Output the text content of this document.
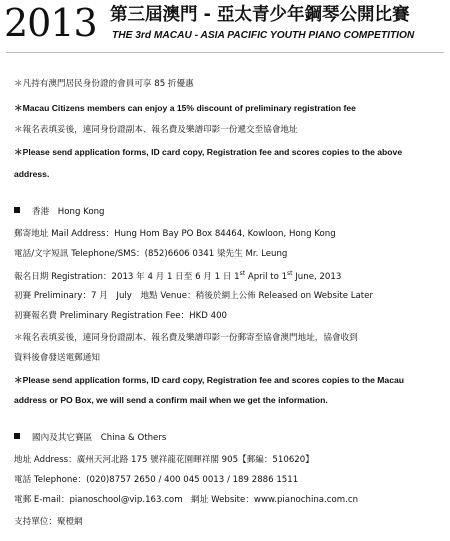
2013 第三屆澳門 - 亞太青少年鋼琴公開比賽
THE 3rd MACAU - ASIA PACIFIC YOUTH PIANO COMPETITION
＊凡持有澳門居民身份證的會員可享 85 折優惠
＊Macau Citizens members can enjoy a 15% discount of preliminary registration fee
＊報名表填妥後，連同身份證副本、報名費及樂譜印影一份遞交至協會地址
＊Please send application forms, ID card copy, Registration fee and scores copies to the above
address.
香港　Hong Kong
郵寄地址 Mail Address：Hung Hom Bay PO Box 84464, Kowloon, Hong Kong
電話/文字短訊 Telephone/SMS：(852)6606 0341 梁先生 Mr. Leung
報名日期 Registration：2013 年 4 月 1 日至 6 月 1 日 1st April to 1st June, 2013
初賽 Preliminary：7 月　July　地點 Venue：稍後於網上公佈 Released on Website Later
初賽報名費 Preliminary Registration Fee：HKD 400
＊報名表填妥後，連同身份證副本、報名費及樂譜印影一份郵寄至協會澳門地址，協會收到
資料後會發送電郵通知
＊Please send application forms, ID card copy, Registration fee and scores copies to the Macau
address or PO Box, we will send a confirm mail when we get the information.
國內及其它賽區　China & Others
地址 Address：廣州天河北路 175 號祥龍花園暉祥閣 905【郵編：510620】
電話 Telephone：(020)8757 2650 / 400 045 0013 / 189 2886 1511
電郵 E-mail：pianoschool@vip.163.com　網址 Website：www.pianochina.com.cn
支持單位：聚橙網
